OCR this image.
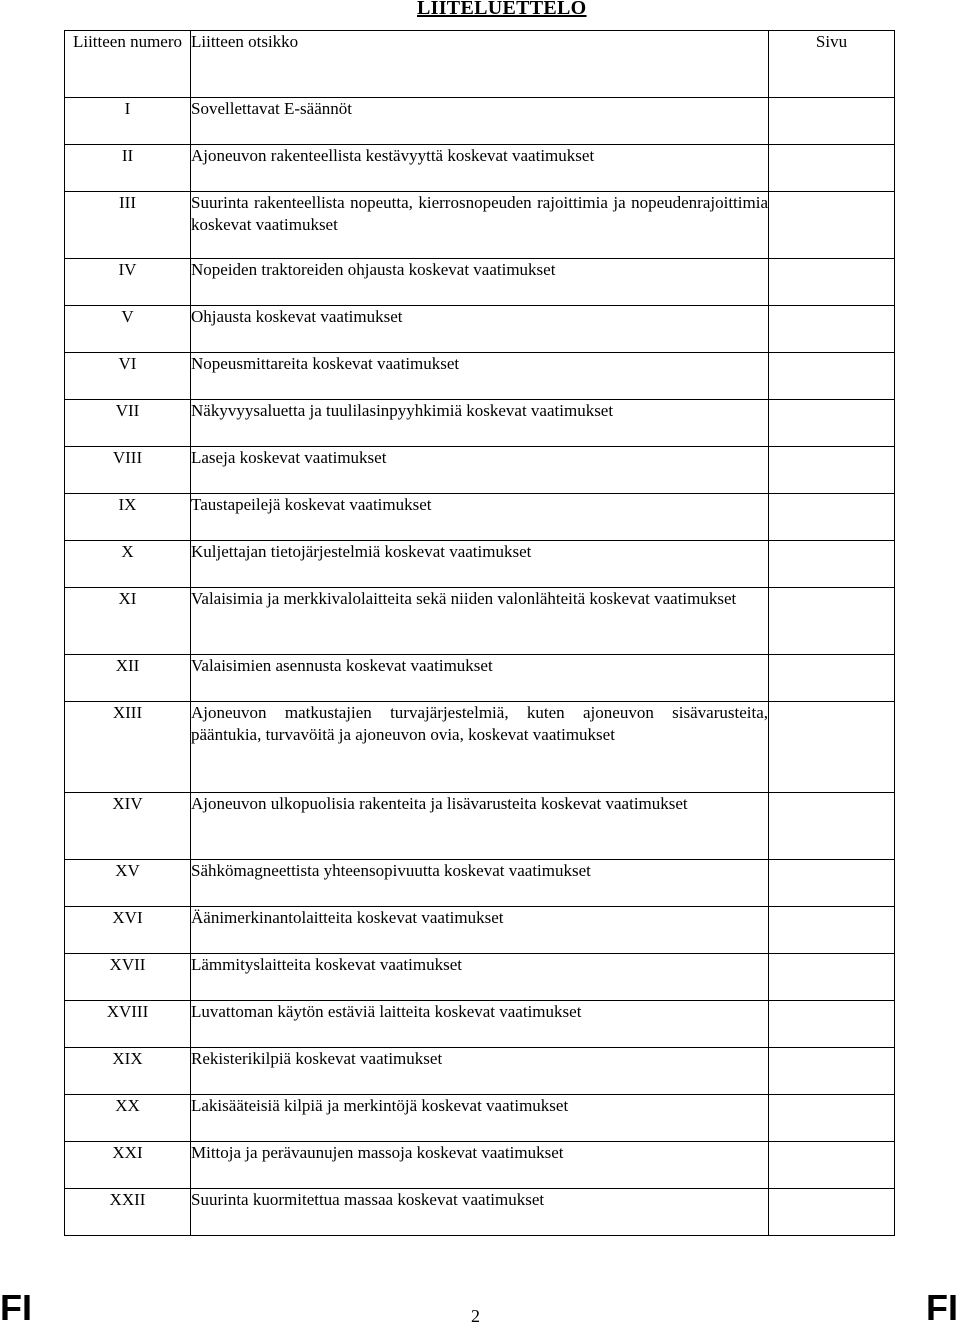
LIITELUETTELO
Liitteen numero	Liitteen otsikko	Sivu
I	Sovellettavat E-säännöt	
II	Ajoneuvon rakenteellista kestävyyttä koskevat vaatimukset	
III	Suurinta rakenteellista nopeutta, kierrosnopeuden rajoittimia ja nopeudenrajoittimia koskevat vaatimukset	
IV	Nopeiden traktoreiden ohjausta koskevat vaatimukset	
V	Ohjausta koskevat vaatimukset	
VI	Nopeusmittareita koskevat vaatimukset	
VII	Näkyvyysaluetta ja tuulilasinpyyhkimiä koskevat vaatimukset	
VIII	Laseja koskevat vaatimukset	
IX	Taustapeilejä koskevat vaatimukset	
X	Kuljettajan tietojärjestelmiä koskevat vaatimukset	
XI	Valaisimia ja merkkivalolaitteita sekä niiden valonlähteitä koskevat vaatimukset	
XII	Valaisimien asennusta koskevat vaatimukset	
XIII	Ajoneuvon matkustajien turvajärjestelmiä, kuten ajoneuvon sisävarusteita, pääntukia, turvavöitä ja ajoneuvon ovia, koskevat vaatimukset	
XIV	Ajoneuvon ulkopuolisia rakenteita ja lisävarusteita koskevat vaatimukset	
XV	Sähkömagneettista yhteensopivuutta koskevat vaatimukset	
XVI	Äänimerkinantolaitteita koskevat vaatimukset	
XVII	Lämmityslaitteita koskevat vaatimukset	
XVIII	Luvattoman käytön estäviä laitteita koskevat vaatimukset	
XIX	Rekisterikilpiä koskevat vaatimukset	
XX	Lakisääteisiä kilpiä ja merkintöjä koskevat vaatimukset	
XXI	Mittoja ja perävaunujen massoja koskevat vaatimukset	
XXII	Suurinta kuormitettua massaa koskevat vaatimukset	
FI	2	FI
